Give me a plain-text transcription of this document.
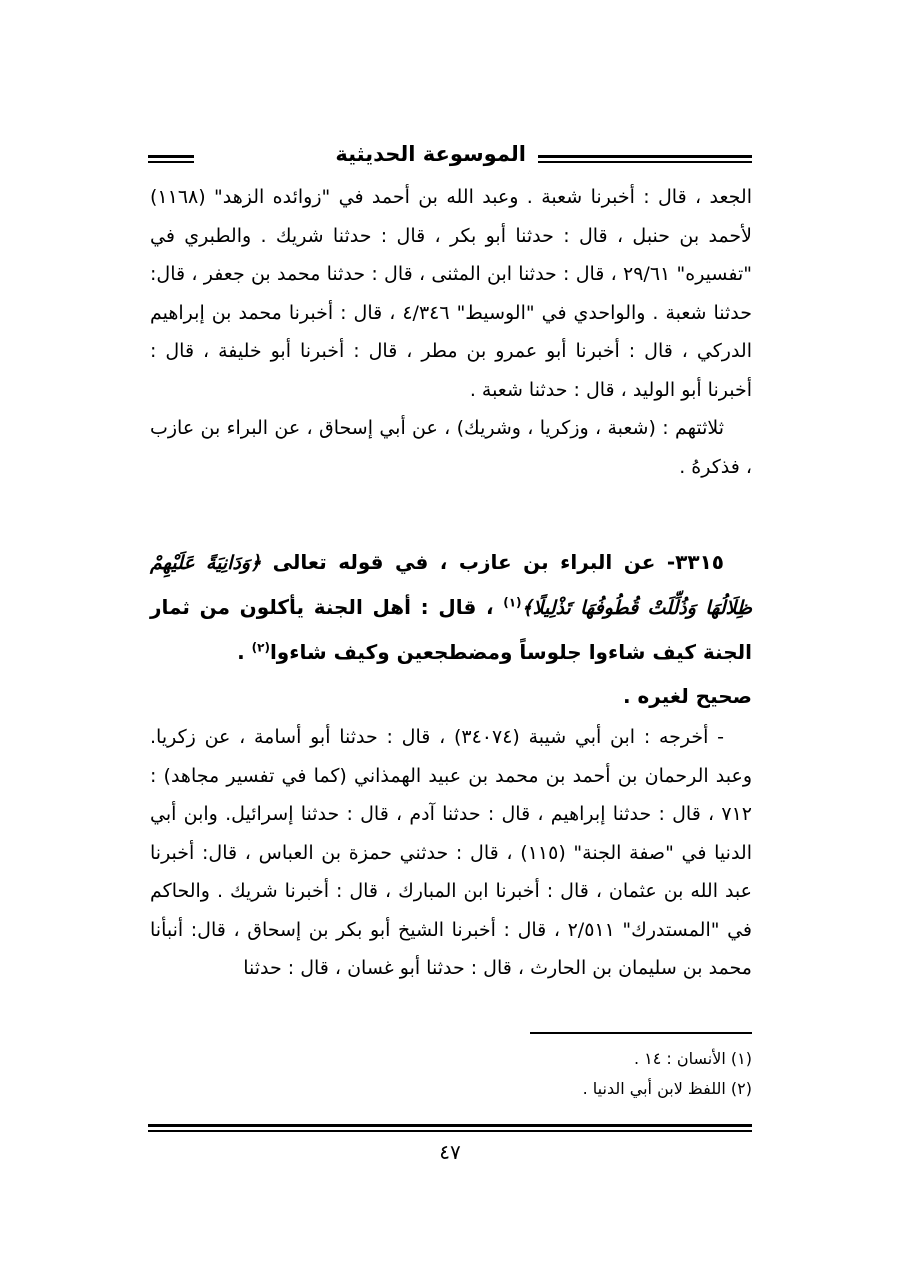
الموسوعة الحديثية

الجعد ، قال : أخبرنا شعبة . وعبد الله بن أحمد في "زوائده الزهد" (١١٦٨) لأحمد بن حنبل ، قال : حدثنا أبو بكر ، قال : حدثنا شريك . والطبري في "تفسيره" ٢٩/٦١ ، قال : حدثنا ابن المثنى ، قال : حدثنا محمد بن جعفر ، قال: حدثنا شعبة . والواحدي في "الوسيط" ٤/٣٤٦ ، قال : أخبرنا محمد بن إبراهيم الدركي ، قال : أخبرنا أبو عمرو بن مطر ، قال : أخبرنا أبو خليفة ، قال : أخبرنا أبو الوليد ، قال : حدثنا شعبة .

ثلاثتهم : (شعبة ، وزكريا ، وشريك) ، عن أبي إسحاق ، عن البراء بن عازب ، فذكرهُ .

٣٣١٥- عن البراء بن عازب ، في قوله تعالى ﴿وَدَانِيَةً عَلَيْهِمْ ظِلَالُهَا وَذُلِّلَتْ قُطُوفُهَا تَذْلِيلًا﴾$^{(١)}$ ، قال : أهل الجنة يأكلون من ثمار الجنة كيف شاءوا جلوساً ومضطجعين وكيف شاءوا$^{(٢)}$ .

صحيح لغيره .

- أخرجه : ابن أبي شيبة (٣٤٠٧٤) ، قال : حدثنا أبو أسامة ، عن زكريا. وعبد الرحمان بن أحمد بن محمد بن عبيد الهمذاني (كما في تفسير مجاهد) : ٧١٢ ، قال : حدثنا إبراهيم ، قال : حدثنا آدم ، قال : حدثنا إسرائيل. وابن أبي الدنيا في "صفة الجنة" (١١٥) ، قال : حدثني حمزة بن العباس ، قال: أخبرنا عبد الله بن عثمان ، قال : أخبرنا ابن المبارك ، قال : أخبرنا شريك . والحاكم في "المستدرك" ٢/٥١١ ، قال : أخبرنا الشيخ أبو بكر بن إسحاق ، قال: أنبأنا محمد بن سليمان بن الحارث ، قال : حدثنا أبو غسان ، قال : حدثنا

(١) الأنسان : ١٤ .

(٢) اللفظ لابن أبي الدنيا .

٤٧
